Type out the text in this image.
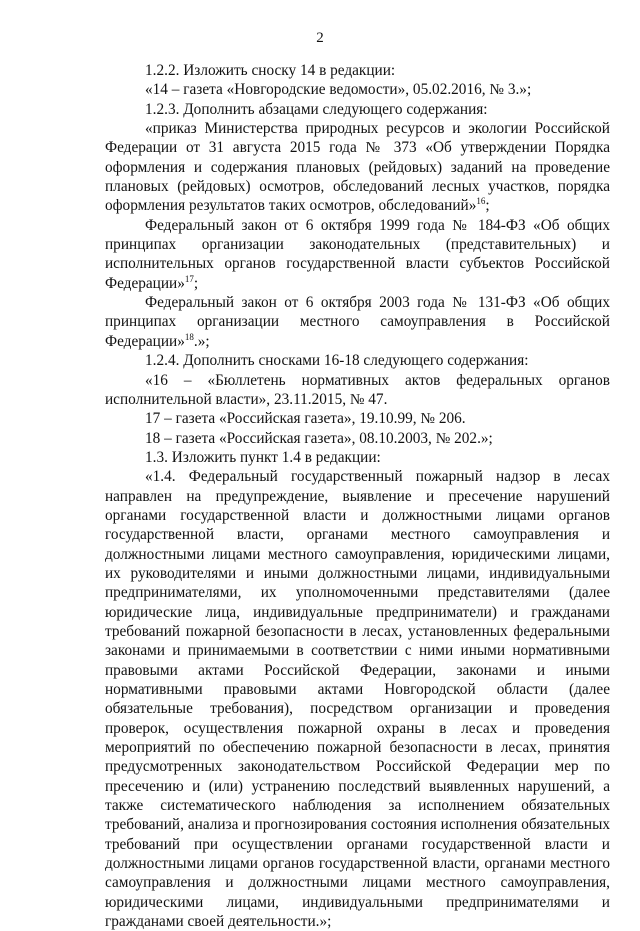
2

1.2.2. Изложить сноску 14 в редакции:

«14 – газета «Новгородские ведомости», 05.02.2016, № 3.»;

1.2.3. Дополнить абзацами следующего содержания:

«приказ Министерства природных ресурсов и экологии Российской Федерации от 31 августа 2015 года № 373 «Об утверждении Порядка оформления и содержания плановых (рейдовых) заданий на проведение плановых (рейдовых) осмотров, обследований лесных участков, порядка оформления результатов таких осмотров, обследований»$^{16}$;

Федеральный закон от 6 октября 1999 года № 184-ФЗ «Об общих принципах организации законодательных (представительных) и исполнительных органов государственной власти субъектов Российской Федерации»$^{17}$;

Федеральный закон от 6 октября 2003 года № 131-ФЗ «Об общих принципах организации местного самоуправления в Российской Федерации»$^{18}$.»;

1.2.4. Дополнить сносками 16-18 следующего содержания:

«16 – «Бюллетень нормативных актов федеральных органов исполнительной власти», 23.11.2015, № 47.

17 – газета «Российская газета», 19.10.99, № 206.

18 – газета «Российская газета», 08.10.2003, № 202.»;

1.3. Изложить пункт 1.4 в редакции:

«1.4. Федеральный государственный пожарный надзор в лесах направлен на предупреждение, выявление и пресечение нарушений органами государственной власти и должностными лицами органов государственной власти, органами местного самоуправления и должностными лицами местного самоуправления, юридическими лицами, их руководителями и иными должностными лицами, индивидуальными предпринимателями, их уполномоченными представителями (далее юридические лица, индивидуальные предприниматели) и гражданами требований пожарной безопасности в лесах, установленных федеральными законами и принимаемыми в соответствии с ними иными нормативными правовыми актами Российской Федерации, законами и иными нормативными правовыми актами Новгородской области (далее обязательные требования), посредством организации и проведения проверок, осуществления пожарной охраны в лесах и проведения мероприятий по обеспечению пожарной безопасности в лесах, принятия предусмотренных законодательством Российской Федерации мер по пресечению и (или) устранению последствий выявленных нарушений, а также систематического наблюдения за исполнением обязательных требований, анализа и прогнозирования состояния исполнения обязательных требований при осуществлении органами государственной власти и должностными лицами органов государственной власти, органами местного самоуправления и должностными лицами местного самоуправления, юридическими лицами, индивидуальными предпринимателями и гражданами своей деятельности.»;
